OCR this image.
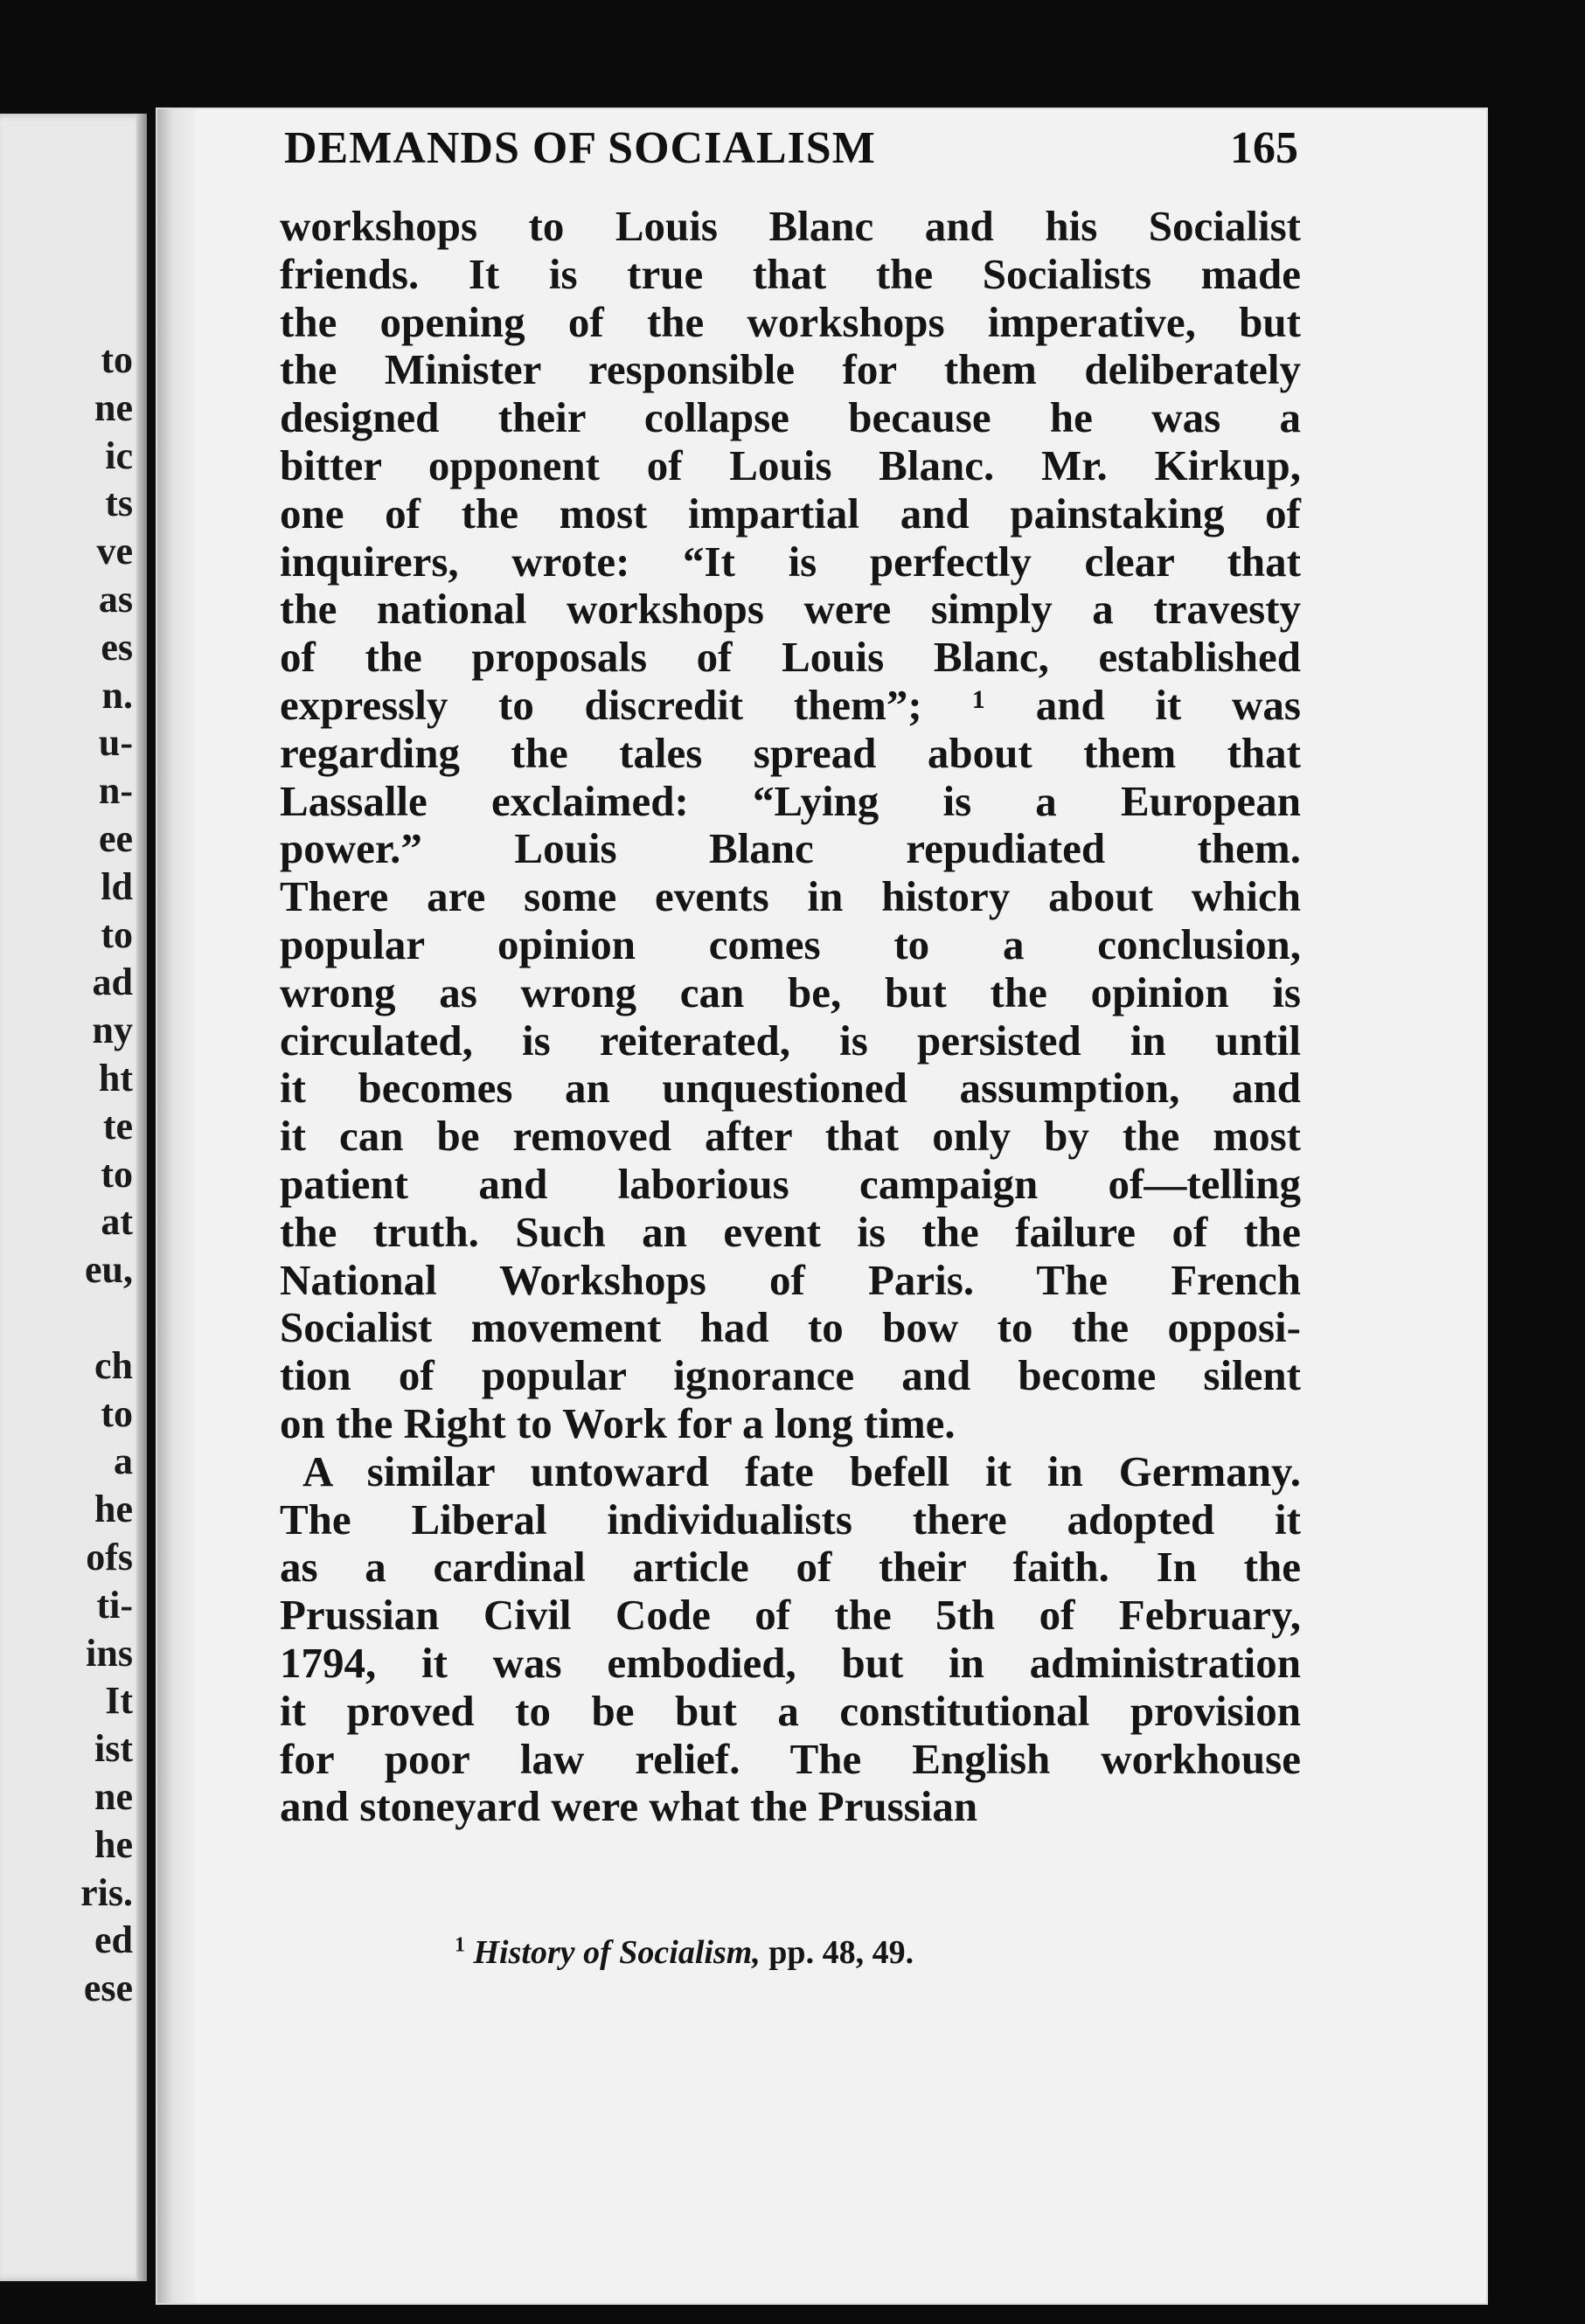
to
ne
ic
ts
ve
as
es
n.
u-
n-
ee
ld
to
ad
ny
ht
te
to
at
eu,
ch
to
a
he
ofs
ti-
ins
It
ist
ne
he
ris.
ed
ese
DEMANDS OF SOCIALISM	165
workshops to Louis Blanc and his Socialist
friends. It is true that the Socialists made
the opening of the workshops imperative, but
the Minister responsible for them deliberately
designed their collapse because he was a
bitter opponent of Louis Blanc. Mr. Kirkup,
one of the most impartial and painstaking of
inquirers, wrote: “It is perfectly clear that
the national workshops were simply a travesty
of the proposals of Louis Blanc, established
expressly to discredit them”; ¹ and it was
regarding the tales spread about them that
Lassalle exclaimed: “Lying is a European
power.” Louis Blanc repudiated them.
There are some events in history about which
popular opinion comes to a conclusion,
wrong as wrong can be, but the opinion is
circulated, is reiterated, is persisted in until
it becomes an unquestioned assumption, and
it can be removed after that only by the most
patient and laborious campaign of—telling
the truth. Such an event is the failure of the
National Workshops of Paris. The French
Socialist movement had to bow to the opposi-
tion of popular ignorance and become silent
on the Right to Work for a long time.
A similar untoward fate befell it in Germany.
The Liberal individualists there adopted it
as a cardinal article of their faith. In the
Prussian Civil Code of the 5th of February,
1794, it was embodied, but in administration
it proved to be but a constitutional provision
for poor law relief. The English workhouse
and stoneyard were what the Prussian
$^1$ History of Socialism, pp. 48, 49.
